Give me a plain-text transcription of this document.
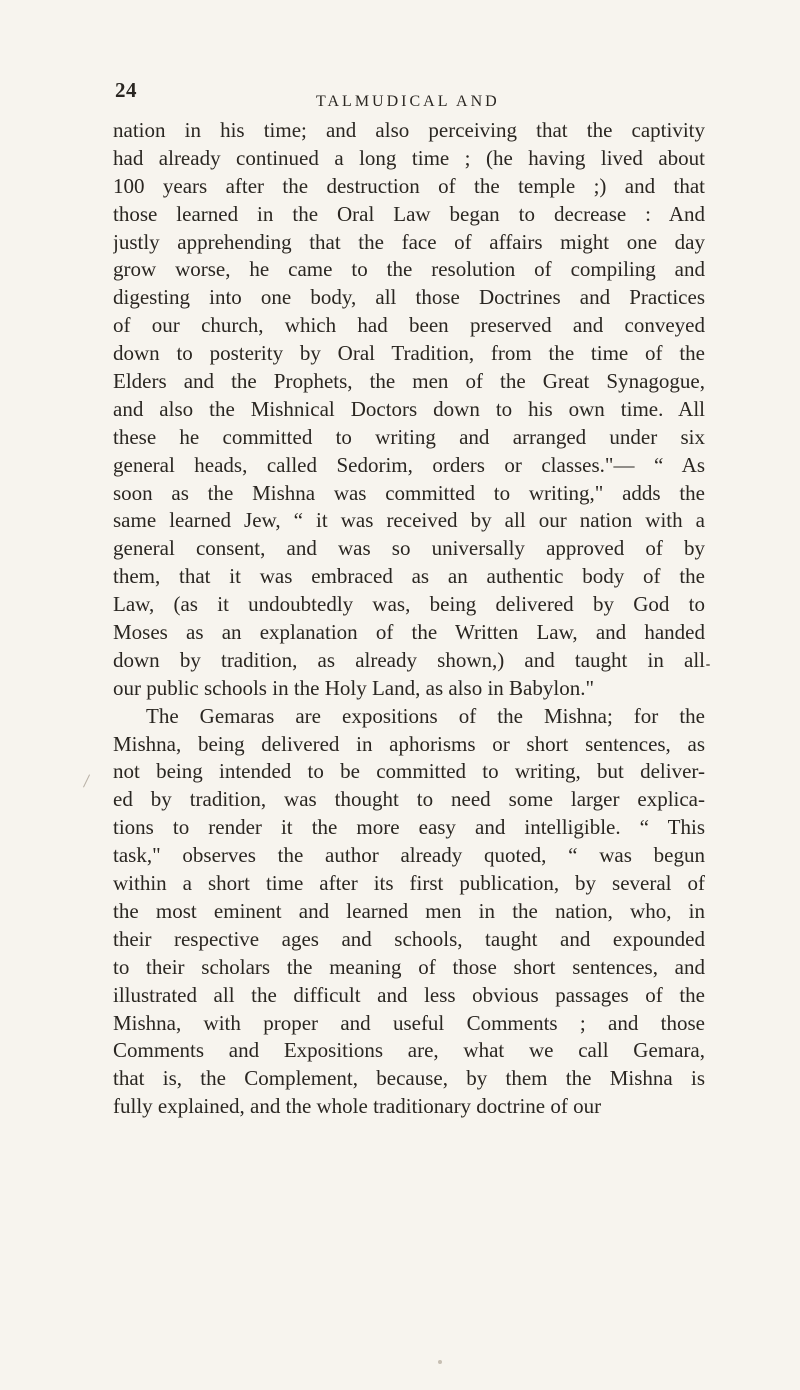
24	TALMUDICAL AND
nation in his time; and also perceiving that the captivity
had already continued a long time ; (he having lived about
100 years after the destruction of the temple ;) and that
those learned in the Oral Law began to decrease : And
justly apprehending that the face of affairs might one day
grow worse, he came to the resolution of compiling and
digesting into one body, all those Doctrines and Practices
of our church, which had been preserved and conveyed
down to posterity by Oral Tradition, from the time of the
Elders and the Prophets, the men of the Great Synagogue,
and also the Mishnical Doctors down to his own time. All
these he committed to writing and arranged under six
general heads, called Sedorim, orders or classes."— “ As
soon as the Mishna was committed to writing," adds the
same learned Jew, “ it was received by all our nation with a
general consent, and was so universally approved of by
them, that it was embraced as an authentic body of the
Law, (as it undoubtedly was, being delivered by God to
Moses as an explanation of the Written Law, and handed
down by tradition, as already shown,) and taught in all
our public schools in the Holy Land, as also in Babylon."
The Gemaras are expositions of the Mishna; for the
Mishna, being delivered in aphorisms or short sentences, as
not being intended to be committed to writing, but deliver-
ed by tradition, was thought to need some larger explica-
tions to render it the more easy and intelligible. “ This
task," observes the author already quoted, “ was begun
within a short time after its first publication, by several of
the most eminent and learned men in the nation, who, in
their respective ages and schools, taught and expounded
to their scholars the meaning of those short sentences, and
illustrated all the difficult and less obvious passages of the
Mishna, with proper and useful Comments ; and those
Comments and Expositions are, what we call Gemara,
that is, the Complement, because, by them the Mishna is
fully explained, and the whole traditionary doctrine of our
